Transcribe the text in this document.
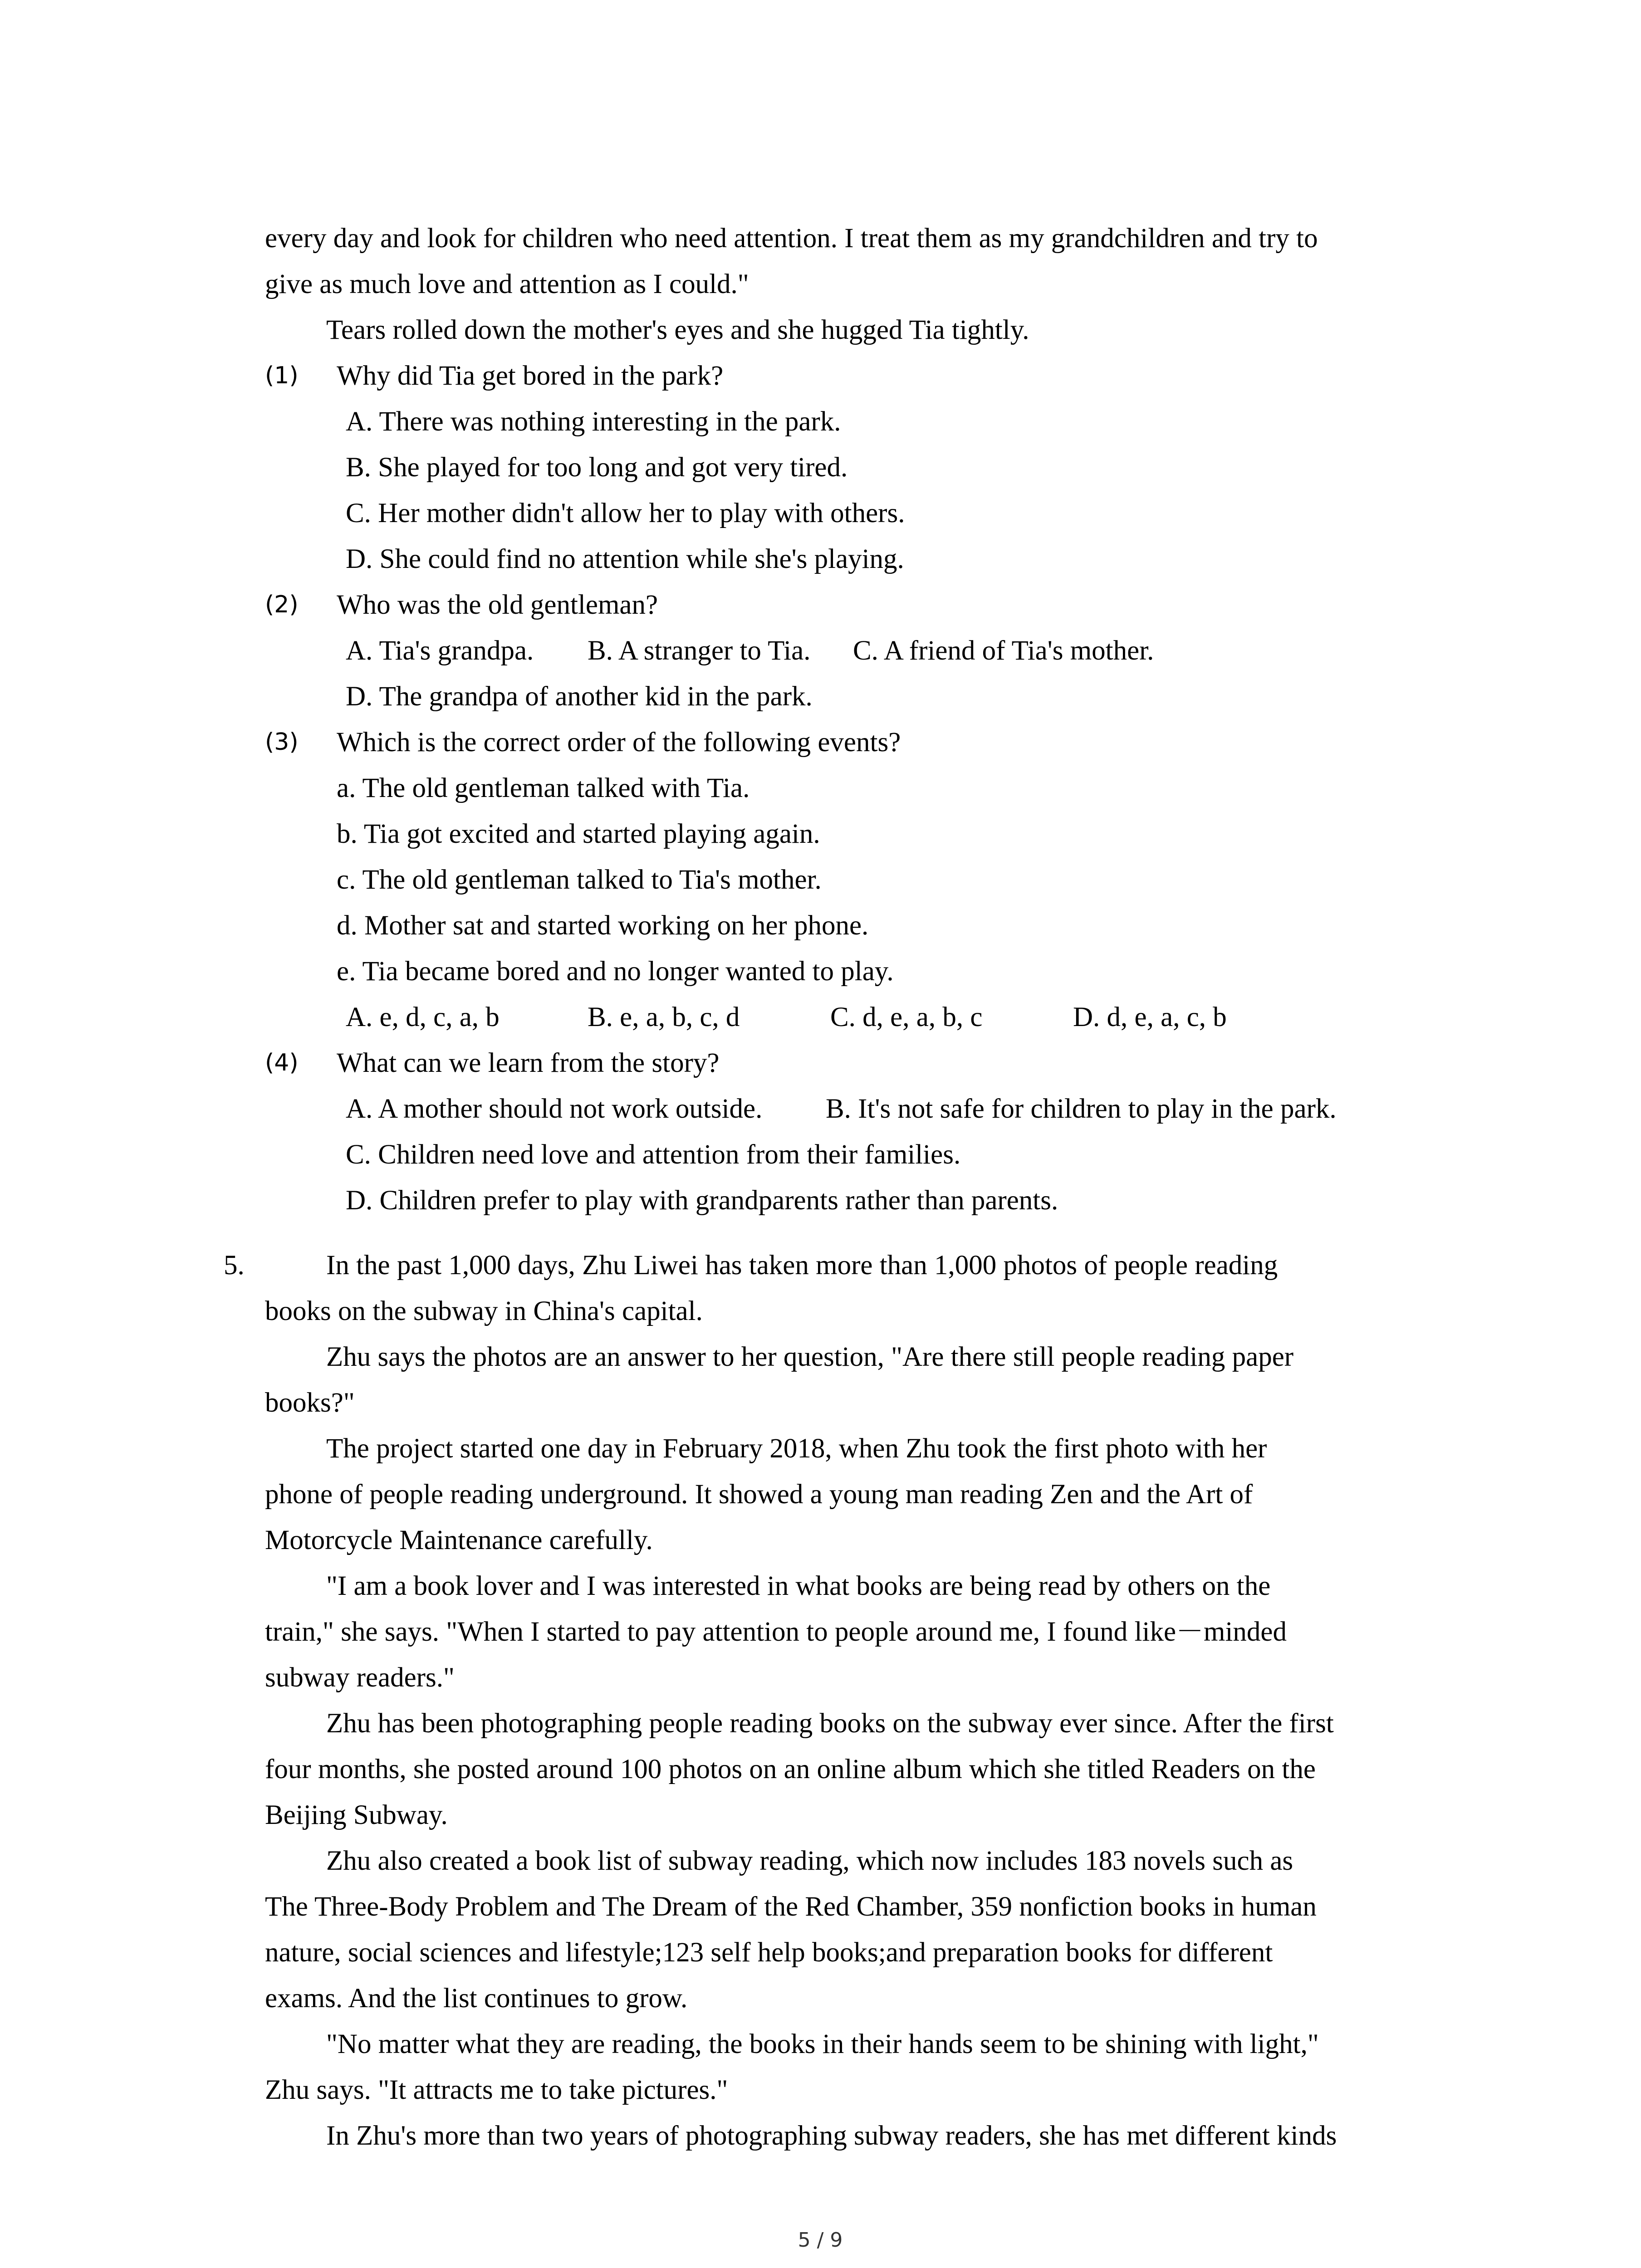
every day and look for children who need attention. I treat them as my grandchildren and try to
give as much love and attention as I could."
Tears rolled down the mother's eyes and she hugged Tia tightly.
(1) Why did Tia get bored in the park?
A. There was nothing interesting in the park.
B. She played for too long and got very tired.
C. Her mother didn't allow her to play with others.
D. She could find no attention while she's playing.
(2) Who was the old gentleman?
A. Tia's grandpa. B. A stranger to Tia. C. A friend of Tia's mother.
D. The grandpa of another kid in the park.
(3) Which is the correct order of the following events?
a. The old gentleman talked with Tia.
b. Tia got excited and started playing again.
c. The old gentleman talked to Tia's mother.
d. Mother sat and started working on her phone.
e. Tia became bored and no longer wanted to play.
A. e, d, c, a, b	B. e, a, b, c, d	C. d, e, a, b, c	D. d, e, a, c, b
(4) What can we learn from the story?
A. A mother should not work outside. B. It's not safe for children to play in the park.
C. Children need love and attention from their families.
D. Children prefer to play with grandparents rather than parents.
5.	In the past 1,000 days, Zhu Liwei has taken more than 1,000 photos of people reading
books on the subway in China's capital.
Zhu says the photos are an answer to her question, "Are there still people reading paper
books?"
The project started one day in February 2018, when Zhu took the first photo with her
phone of people reading underground. It showed a young man reading Zen and the Art of
Motorcycle Maintenance carefully.
"I am a book lover and I was interested in what books are being read by others on the
train," she says. "When I started to pay attention to people around me, I found like－minded
subway readers."
Zhu has been photographing people reading books on the subway ever since. After the first
four months, she posted around 100 photos on an online album which she titled Readers on the
Beijing Subway.
Zhu also created a book list of subway reading, which now includes 183 novels such as
The Three-Body Problem and The Dream of the Red Chamber, 359 nonfiction books in human
nature, social sciences and lifestyle;123 self help books;and preparation books for different
exams. And the list continues to grow.
"No matter what they are reading, the books in their hands seem to be shining with light,"
Zhu says. "It attracts me to take pictures."
In Zhu's more than two years of photographing subway readers, she has met different kinds
5 / 9
